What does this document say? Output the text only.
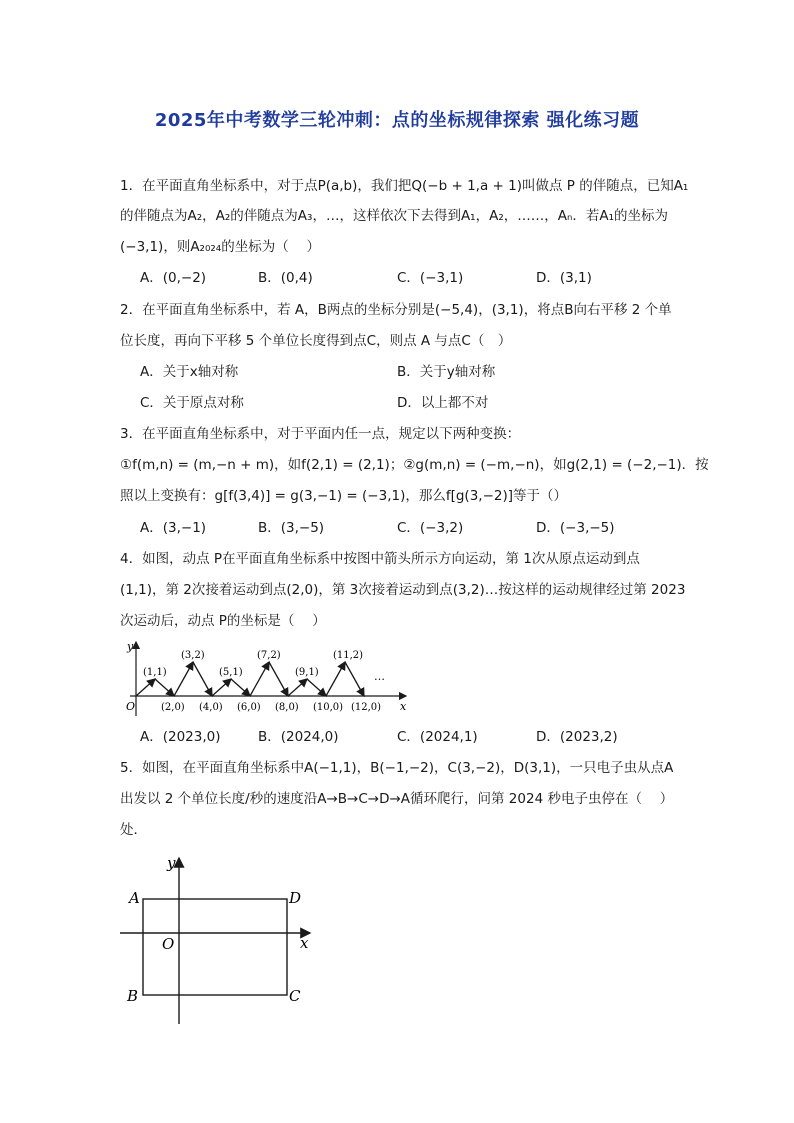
2025年中考数学三轮冲刺：点的坐标规律探索 强化练习题
1．在平面直角坐标系中，对于点P(a,b)，我们把Q(−b + 1,a + 1)叫做点 P 的伴随点，已知A₁
的伴随点为A₂，A₂的伴随点为A₃，…，这样依次下去得到A₁，A₂，……，Aₙ．若A₁的坐标为
(−3,1)，则A₂₀₂₄的坐标为（　 ）
A．(0,−2)	B．(0,4)	C．(−3,1)	D．(3,1)
2．在平面直角坐标系中，若 A，B两点的坐标分别是(−5,4)，(3,1)，将点B向右平移 2 个单
位长度，再向下平移 5 个单位长度得到点C，则点 A 与点C（　）
A．关于x轴对称	B．关于y轴对称
C．关于原点对称	D．以上都不对
3．在平面直角坐标系中，对于平面内任一点，规定以下两种变换：
①f(m,n) = (m,−n + m)，如f(2,1) = (2,1)；②g(m,n) = (−m,−n)，如g(2,1) = (−2,−1)．按
照以上变换有：g[f(3,4)] = g(3,−1) = (−3,1)，那么f[g(3,−2)]等于（）
A．(3,−1)	B．(3,−5)	C．(−3,2)	D．(−3,−5)
4．如图，动点 P在平面直角坐标系中按图中箭头所示方向运动，第 1次从原点运动到点
(1,1)，第 2次接着运动到点(2,0)，第 3次接着运动到点(3,2)…按这样的运动规律经过第 2023
次运动后，动点 P的坐标是（　 ）
y
x
O
(1,1)
(3,2)
(5,1)
(7,2)
(9,1)
(11,2)
(2,0) (4,0) (6,0) (8,0) (10,0) (12,0)
…
A．(2023,0)	B．(2024,0)	C．(2024,1)	D．(2023,2)
5．如图，在平面直角坐标系中A(−1,1)，B(−1,−2)，C(3,−2)，D(3,1)，一只电子虫从点A
出发以 2 个单位长度/秒的速度沿A→B→C→D→A循环爬行，问第 2024 秒电子虫停在（　 ）
处．
y
x
O
A
B	C
D
